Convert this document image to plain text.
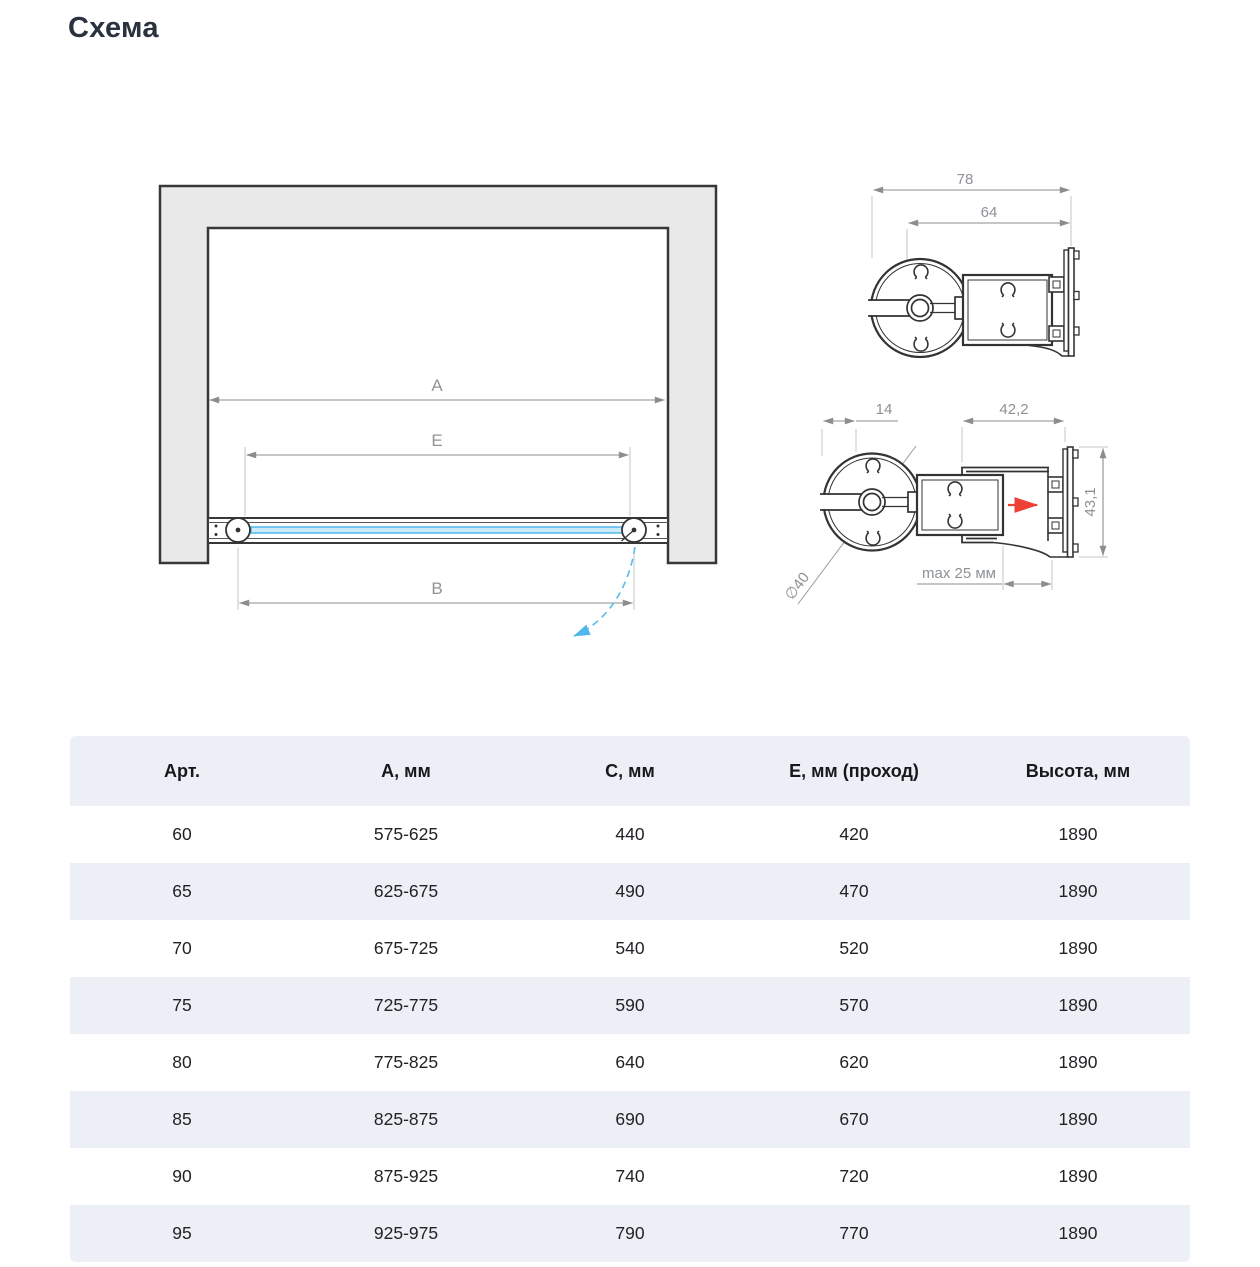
Схема
A
E
B
78
64
14	42,2
43,1
∅40	max 25 мм
Арт.	А, мм	С, мм	Е, мм (проход)	Высота, мм
60	575-625	440	420	1890
65	625-675	490	470	1890
70	675-725	540	520	1890
75	725-775	590	570	1890
80	775-825	640	620	1890
85	825-875	690	670	1890
90	875-925	740	720	1890
95	925-975	790	770	1890
